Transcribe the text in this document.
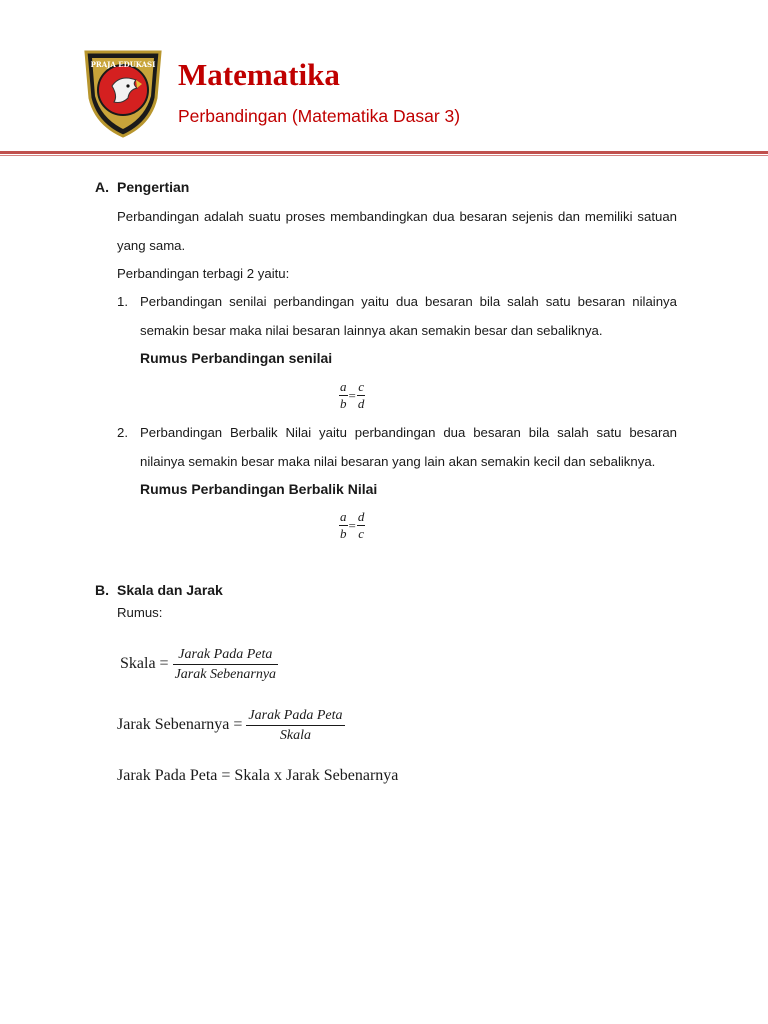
PRAJA EDUKASI Matematika
Perbandingan (Matematika Dasar 3)
A. Pengertian
Perbandingan adalah suatu proses membandingkan dua besaran sejenis dan memiliki satuan yang sama.
Perbandingan terbagi 2 yaitu:
1. Perbandingan senilai perbandingan yaitu dua besaran bila salah satu besaran nilainya semakin besar maka nilai besaran lainnya akan semakin besar dan sebaliknya.
Rumus Perbandingan senilai
$\frac{a}{b} = \frac{c}{d}$
2. Perbandingan Berbalik Nilai yaitu perbandingan dua besaran bila salah satu besaran nilainya semakin besar maka nilai besaran yang lain akan semakin kecil dan sebaliknya.
Rumus Perbandingan Berbalik Nilai
$\frac{a}{b} = \frac{d}{c}$
B. Skala dan Jarak
Rumus:
Skala =
Jarak Pada Peta
Jarak Sebenarnya
Jarak Sebenarnya =
Jarak Pada Peta
Skala
Jarak Pada Peta = Skala x Jarak Sebenarnya
